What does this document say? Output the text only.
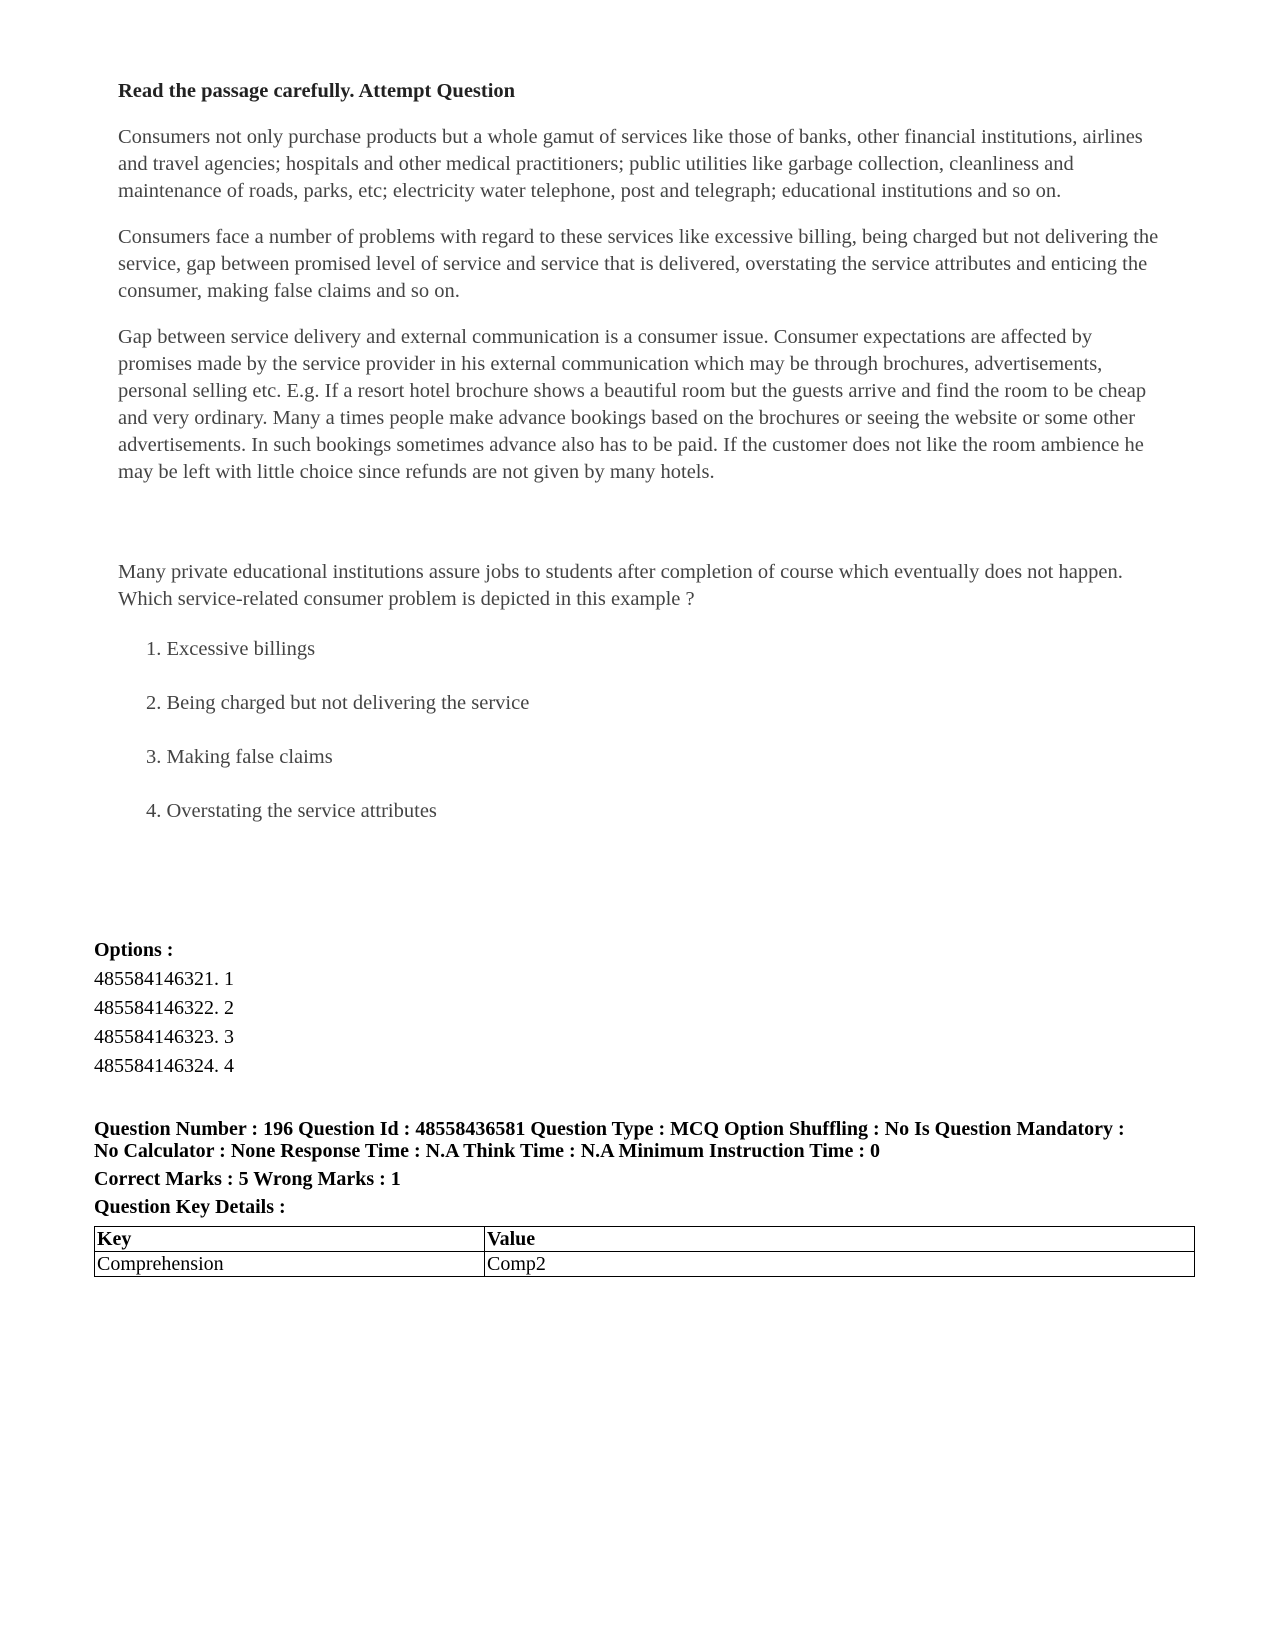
Read the passage carefully. Attempt Question

Consumers not only purchase products but a whole gamut of services like those of banks, other financial institutions, airlines and travel agencies; hospitals and other medical practitioners; public utilities like garbage collection, cleanliness and maintenance of roads, parks, etc; electricity water telephone, post and telegraph; educational institutions and so on.

Consumers face a number of problems with regard to these services like excessive billing, being charged but not delivering the service, gap between promised level of service and service that is delivered, overstating the service attributes and enticing the consumer, making false claims and so on.

Gap between service delivery and external communication is a consumer issue. Consumer expectations are affected by promises made by the service provider in his external communication which may be through brochures, advertisements, personal selling etc. E.g. If a resort hotel brochure shows a beautiful room but the guests arrive and find the room to be cheap and very ordinary. Many a times people make advance bookings based on the brochures or seeing the website or some other advertisements. In such bookings sometimes advance also has to be paid. If the customer does not like the room ambience he may be left with little choice since refunds are not given by many hotels.

Many private educational institutions assure jobs to students after completion of course which eventually does not happen. Which service-related consumer problem is depicted in this example ?

1. Excessive billings

2. Being charged but not delivering the service

3. Making false claims

4. Overstating the service attributes

Options :
485584146321. 1
485584146322. 2
485584146323. 3
485584146324. 4

Question Number : 196 Question Id : 48558436581 Question Type : MCQ Option Shuffling : No Is Question Mandatory :

No Calculator : None Response Time : N.A Think Time : N.A Minimum Instruction Time : 0

Correct Marks : 5 Wrong Marks : 1

Question Key Details :

Key	Value
Comprehension	Comp2
